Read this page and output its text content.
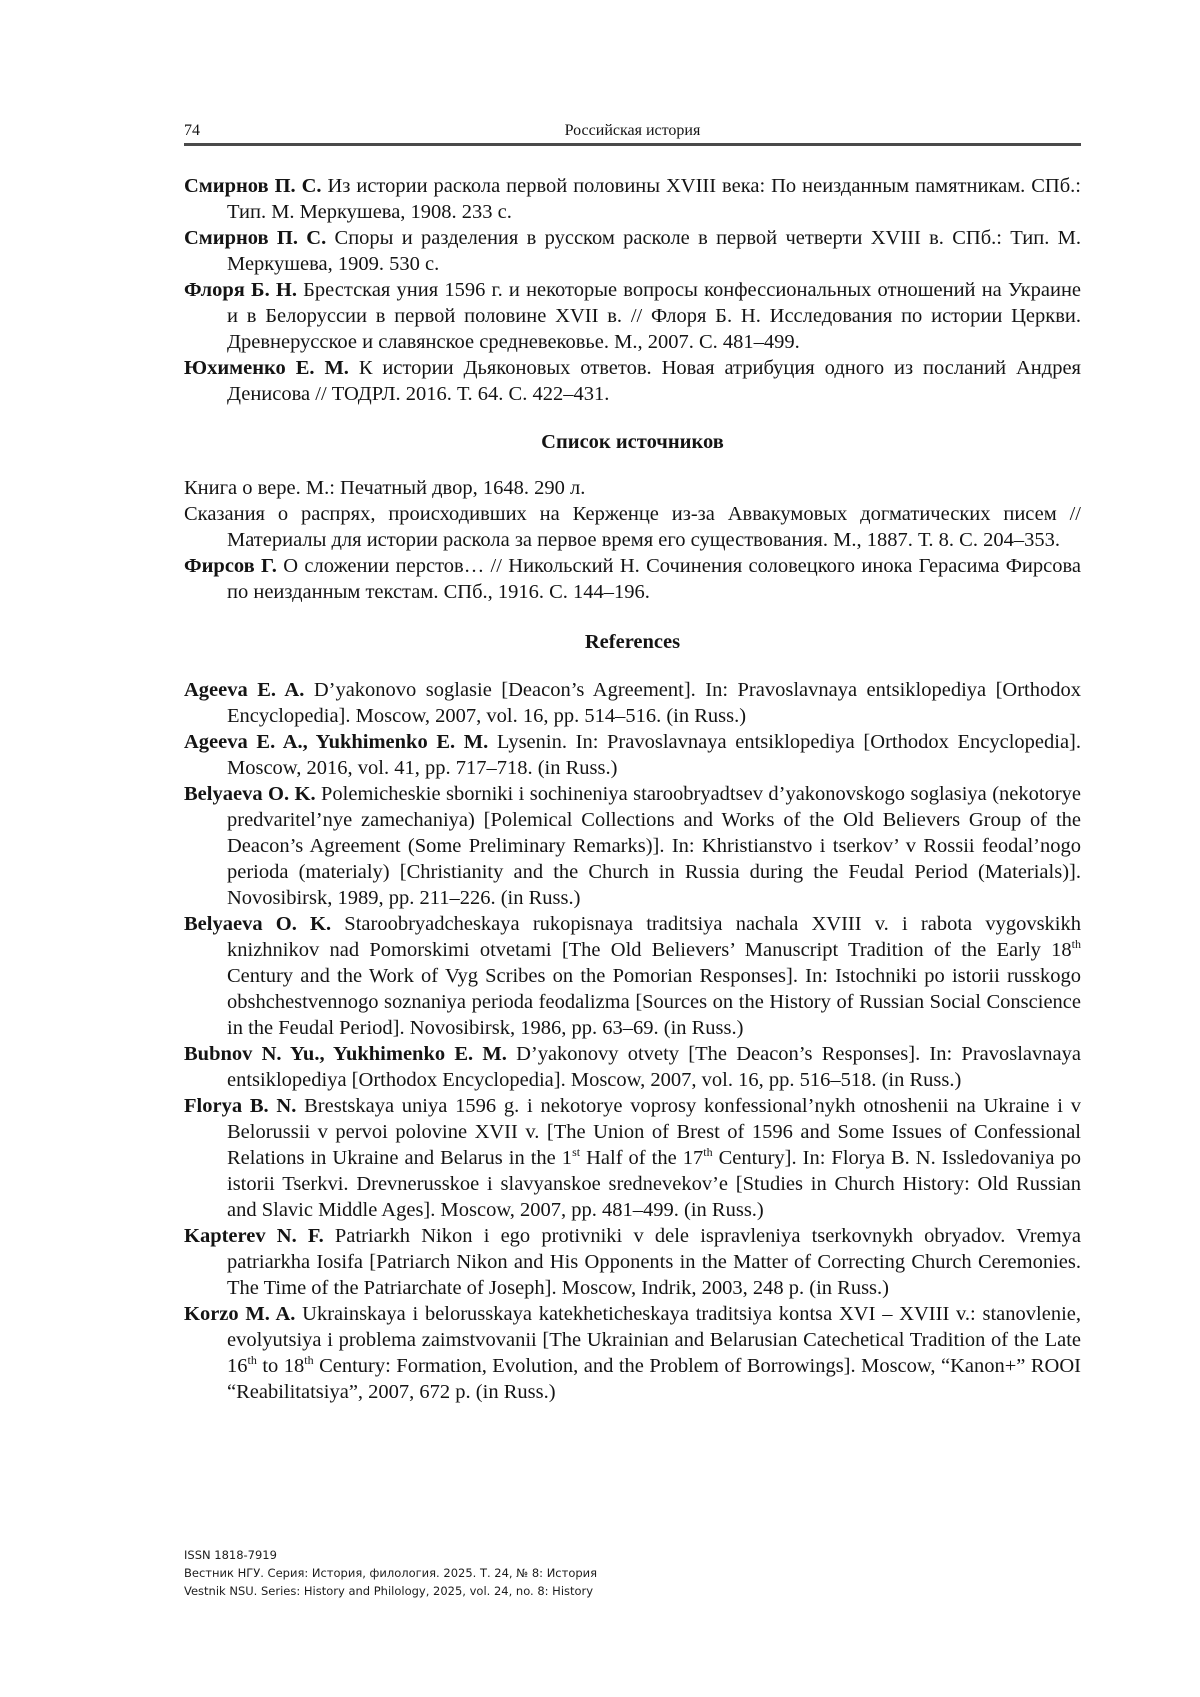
74	Российская история

Смирнов П. С. Из истории раскола первой половины XVIII века: По неизданным памятникам. СПб.: Тип. М. Меркушева, 1908. 233 с.

Смирнов П. С. Споры и разделения в русском расколе в первой четверти XVIII в. СПб.: Тип. М. Меркушева, 1909. 530 с.

Флоря Б. Н. Брестская уния 1596 г. и некоторые вопросы конфессиональных отношений на Украине и в Белоруссии в первой половине XVII в. // Флоря Б. Н. Исследования по истории Церкви. Древнерусское и славянское средневековье. М., 2007. С. 481–499.

Юхименко Е. М. К истории Дьяконовых ответов. Новая атрибуция одного из посланий Андрея Денисова // ТОДРЛ. 2016. Т. 64. С. 422–431.

Список источников

Книга о вере. М.: Печатный двор, 1648. 290 л.

Сказания о распрях, происходивших на Керженце из-за Аввакумовых догматических писем // Материалы для истории раскола за первое время его существования. М., 1887. Т. 8. С. 204–353.

Фирсов Г. О сложении перстов… // Никольский Н. Сочинения соловецкого инока Герасима Фирсова по неизданным текстам. СПб., 1916. С. 144–196.

References

Ageeva E. A. D’yakonovo soglasie [Deacon’s Agreement]. In: Pravoslavnaya entsiklopediya [Orthodox Encyclopedia]. Moscow, 2007, vol. 16, pp. 514–516. (in Russ.)

Ageeva E. A., Yukhimenko E. M. Lysenin. In: Pravoslavnaya entsiklopediya [Orthodox Encyclopedia]. Moscow, 2016, vol. 41, pp. 717–718. (in Russ.)

Belyaeva O. K. Polemicheskie sborniki i sochineniya staroobryadtsev d’yakonovskogo soglasiya (nekotorye predvaritel’nye zamechaniya) [Polemical Collections and Works of the Old Believers Group of the Deacon’s Agreement (Some Preliminary Remarks)]. In: Khristianstvo i tserkov’ v Rossii feodal’nogo perioda (materialy) [Christianity and the Church in Russia during the Feudal Period (Materials)]. Novosibirsk, 1989, pp. 211–226. (in Russ.)

Belyaeva O. K. Staroobryadcheskaya rukopisnaya traditsiya nachala XVIII v. i rabota vygovskikh knizhnikov nad Pomorskimi otvetami [The Old Believers’ Manuscript Tradition of the Early 18th Century and the Work of Vyg Scribes on the Pomorian Responses]. In: Istochniki po istorii russkogo obshchestvennogo soznaniya perioda feodalizma [Sources on the History of Russian Social Conscience in the Feudal Period]. Novosibirsk, 1986, pp. 63–69. (in Russ.)

Bubnov N. Yu., Yukhimenko E. M. D’yakonovy otvety [The Deacon’s Responses]. In: Pravoslavnaya entsiklopediya [Orthodox Encyclopedia]. Moscow, 2007, vol. 16, pp. 516–518. (in Russ.)

Florya B. N. Brestskaya uniya 1596 g. i nekotorye voprosy konfessional’nykh otnoshenii na Ukraine i v Belorussii v pervoi polovine XVII v. [The Union of Brest of 1596 and Some Issues of Confessional Relations in Ukraine and Belarus in the 1st Half of the 17th Century]. In: Florya B. N. Issledovaniya po istorii Tserkvi. Drevnerusskoe i slavyanskoe srednevekov’e [Studies in Church History: Old Russian and Slavic Middle Ages]. Moscow, 2007, pp. 481–499. (in Russ.)

Kapterev N. F. Patriarkh Nikon i ego protivniki v dele ispravleniya tserkovnykh obryadov. Vremya patriarkha Iosifa [Patriarch Nikon and His Opponents in the Matter of Correcting Church Ceremonies. The Time of the Patriarchate of Joseph]. Moscow, Indrik, 2003, 248 p. (in Russ.)

Korzo M. A. Ukrainskaya i belorusskaya katekheticheskaya traditsiya kontsa XVI – XVIII v.: stanovlenie, evolyutsiya i problema zaimstvovanii [The Ukrainian and Belarusian Catechetical Tradition of the Late 16th to 18th Century: Formation, Evolution, and the Problem of Borrowings]. Moscow, “Kanon+” ROOI “Reabilitatsiya”, 2007, 672 p. (in Russ.)

ISSN 1818-7919
Вестник НГУ. Серия: История, филология. 2025. Т. 24, № 8: История
Vestnik NSU. Series: History and Philology, 2025, vol. 24, no. 8: History
